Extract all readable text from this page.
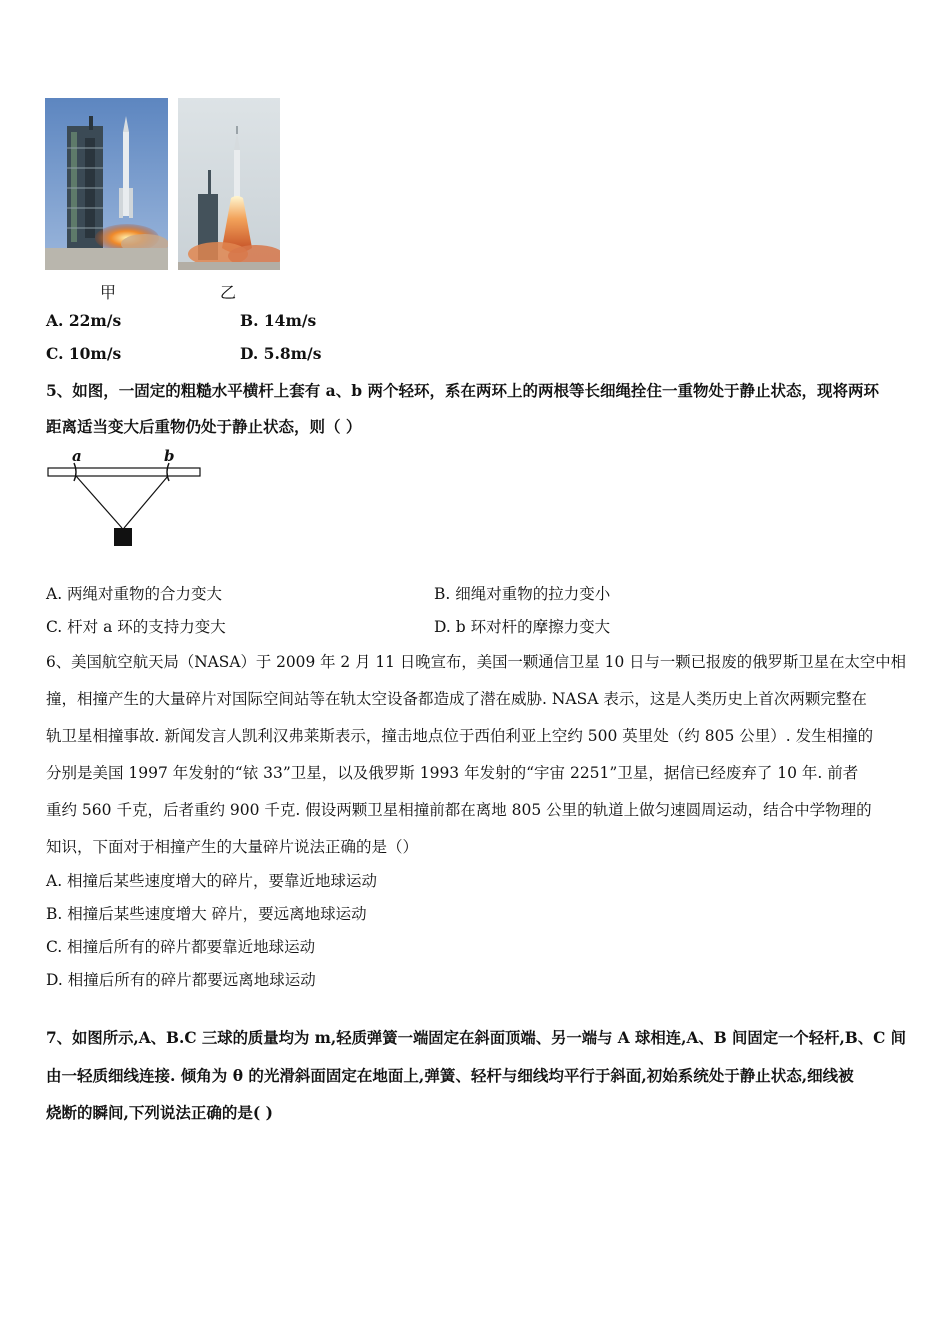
甲	乙
A. 22m/s	B. 14m/s
C. 10m/s	D. 5.8m/s
5、如图，一固定的粗糙水平横杆上套有 a、b 两个轻环，系在两环上的两根等长细绳拴住一重物处于静止状态，现将两环
距离适当变大后重物仍处于静止状态，则（ ）
a	b
A. 两绳对重物的合力变大	B. 细绳对重物的拉力变小
C. 杆对 a 环的支持力变大	D. b 环对杆的摩擦力变大
6、美国航空航天局（NASA）于 2009 年 2 月 11 日晚宣布，美国一颗通信卫星 10 日与一颗已报废的俄罗斯卫星在太空中相
撞，相撞产生的大量碎片对国际空间站等在轨太空设备都造成了潜在威胁. NASA 表示，这是人类历史上首次两颗完整在
轨卫星相撞事故. 新闻发言人凯利汉弗莱斯表示，撞击地点位于西伯利亚上空约 500 英里处（约 805 公里）. 发生相撞的
分别是美国 1997 年发射的“铱 33”卫星，以及俄罗斯 1993 年发射的“宇宙 2251”卫星，据信已经废弃了 10 年. 前者
重约 560 千克，后者重约 900 千克. 假设两颗卫星相撞前都在离地 805 公里的轨道上做匀速圆周运动，结合中学物理的
知识，下面对于相撞产生的大量碎片说法正确的是（）
A. 相撞后某些速度增大的碎片，要靠近地球运动
B. 相撞后某些速度增大 碎片，要远离地球运动
C. 相撞后所有的碎片都要靠近地球运动
D. 相撞后所有的碎片都要远离地球运动
7、如图所示,A、B.C 三球的质量均为 m,轻质弹簧一端固定在斜面顶端、另一端与 A 球相连,A、B 间固定一个轻杆,B、C 间
由一轻质细线连接. 倾角为 θ 的光滑斜面固定在地面上,弹簧、轻杆与细线均平行于斜面,初始系统处于静止状态,细线被
烧断的瞬间,下列说法正确的是( )
